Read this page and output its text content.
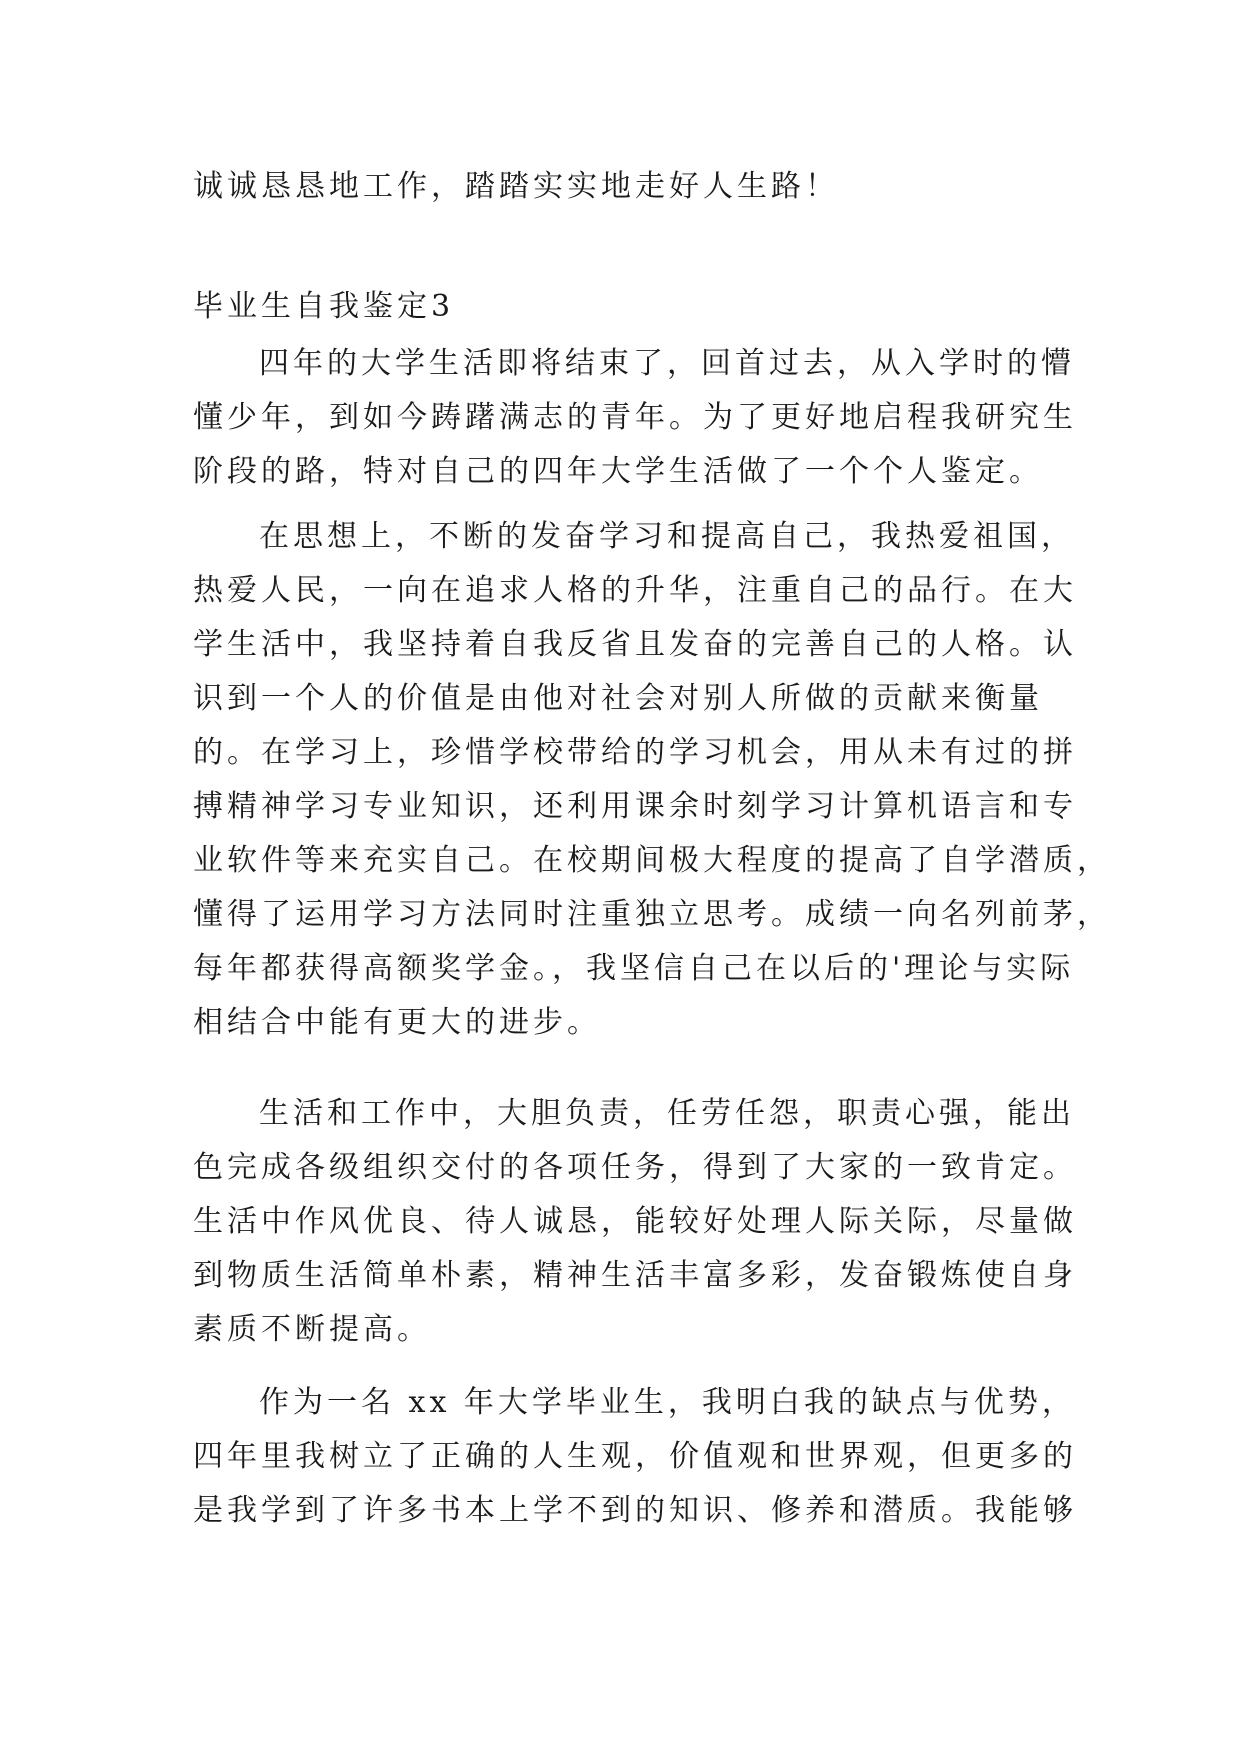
诚诚恳恳地工作，踏踏实实地走好人生路！
毕业生自我鉴定3
四年的大学生活即将结束了，回首过去，从入学时的懵
懂少年，到如今踌躇满志的青年。为了更好地启程我研究生
阶段的路，特对自己的四年大学生活做了一个个人鉴定。
在思想上，不断的发奋学习和提高自己，我热爱祖国，
热爱人民，一向在追求人格的升华，注重自己的品行。在大
学生活中，我坚持着自我反省且发奋的完善自己的人格。认
识到一个人的价值是由他对社会对别人所做的贡献来衡量
的。在学习上，珍惜学校带给的学习机会，用从未有过的拼
搏精神学习专业知识，还利用课余时刻学习计算机语言和专
业软件等来充实自己。在校期间极大程度的提高了自学潜质，
懂得了运用学习方法同时注重独立思考。成绩一向名列前茅，
每年都获得高额奖学金。，我坚信自己在以后的'理论与实际
相结合中能有更大的进步。
生活和工作中，大胆负责，任劳任怨，职责心强，能出
色完成各级组织交付的各项任务，得到了大家的一致肯定。
生活中作风优良、待人诚恳，能较好处理人际关际，尽量做
到物质生活简单朴素，精神生活丰富多彩，发奋锻炼使自身
素质不断提高。
作为一名 xx 年大学毕业生，我明白我的缺点与优势，
四年里我树立了正确的人生观，价值观和世界观，但更多的
是我学到了许多书本上学不到的知识、修养和潜质。我能够
